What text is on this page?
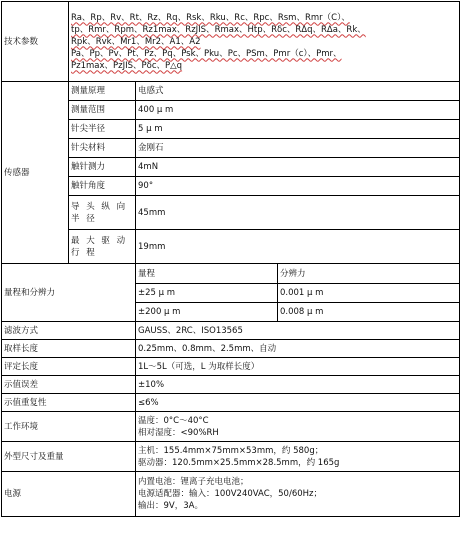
技术参数	Ra、Rp、Rv、Rt、Rz、Rq、Rsk、Rku、Rc、Rpc、Rsm、Rmr（C）、
tp、Rmr、Rpm、Rz1max、RzJIS、Rmax、Htp、Rδc、RΔq、RΔa、Rk、
Rpk、Rvk、Mr1、Mr2、A1、A2
Pa、Pp、Pv、Pt、Pz、Pq、Psk、Pku、Pc、PSm、Pmr（c）、Pmr、
Pz1max、PzJIS、Pδc、P△q		

传感器	测量原理	电感式	
	测量范围	400 μ m	
	针尖半径	5 μ m	
	针尖材料	金刚石	
	触针测力	4mN	
	触针角度	90°	
	导 头 纵 向 半 径	45mm	
	最 大 驱 动 行 程	19mm	
量程和分辨力		量程	分辨力
		±25 μ m	0.001 μ m
		±200 μ m	0.008 μ m
滤波方式		GAUSS、2RC、ISO13565	

取样长度		0.25mm、0.8mm、2.5mm、自动	

评定长度		1L～5L（可选，L 为取样长度）	

示值误差		±10%	

示值重复性		≤6%	

工作环境		温度：0°C～40°C
相对湿度：<90%RH	

外型尺寸及重量		主机：155.4mm×75mm×53mm，约 580g；
驱动器：120.5mm×25.5mm×28.5mm，约 165g	

电源		内置电池：锂离子充电电池；
电源适配器：输入：100V240VAC，50/60Hz；
输出：9V，3A。	
